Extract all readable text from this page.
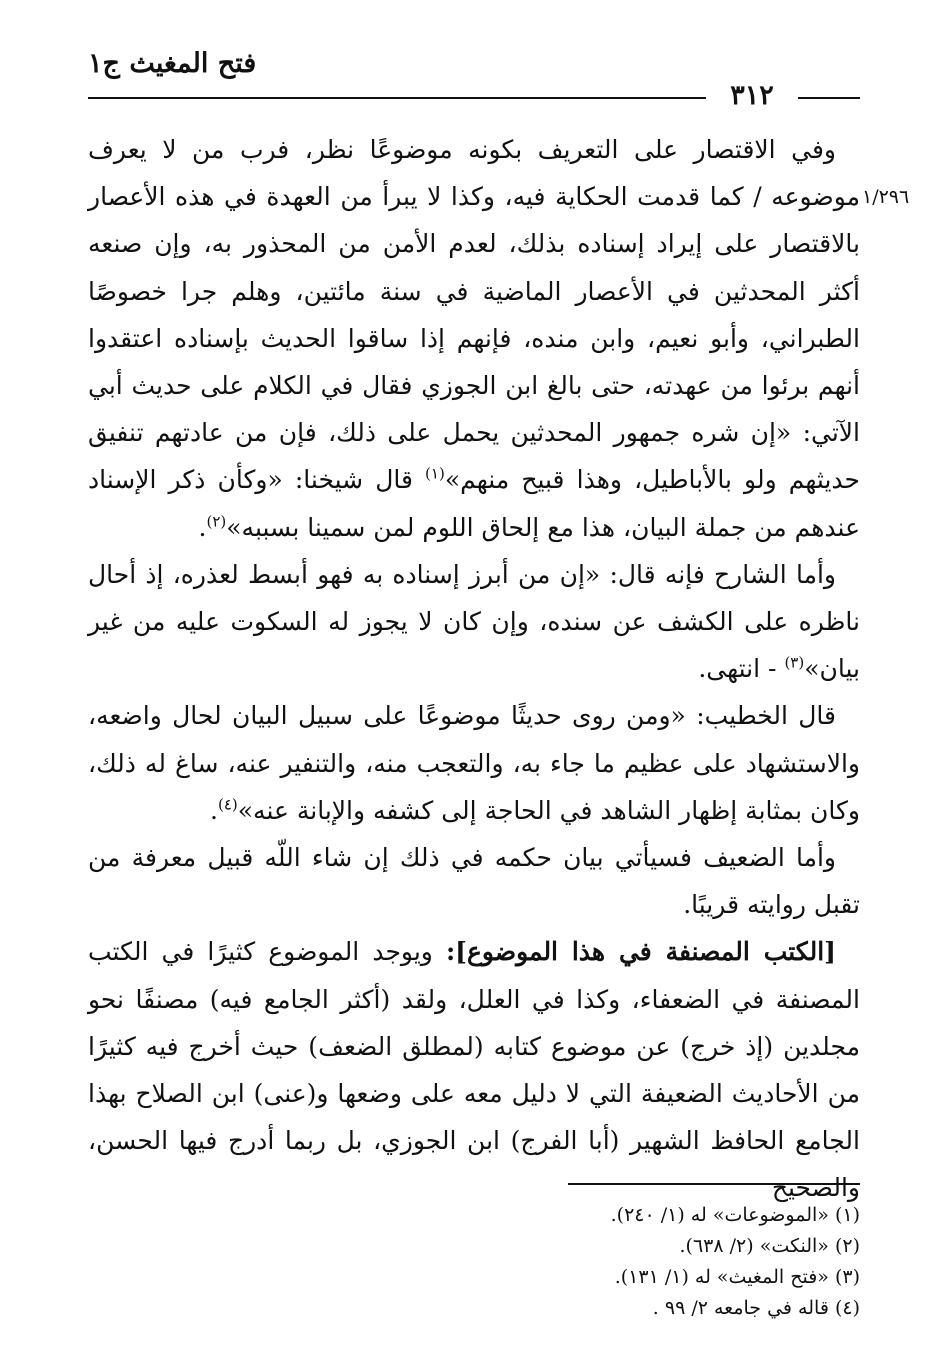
فتح المغيث ج١
٣١٢
١/٢٩٦

وفي الاقتصار على التعريف بكونه موضوعًا نظر، فرب من لا يعرف موضوعه / كما قدمت الحكاية فيه، وكذا لا يبرأ من العهدة في هذه الأعصار بالاقتصار على إيراد إسناده بذلك، لعدم الأمن من المحذور به، وإن صنعه أكثر المحدثين في الأعصار الماضية في سنة مائتين، وهلم جرا خصوصًا الطبراني، وأبو نعيم، وابن منده، فإنهم إذا ساقوا الحديث بإسناده اعتقدوا أنهم برئوا من عهدته، حتى بالغ ابن الجوزي فقال في الكلام على حديث أبي الآتي: «إن شره جمهور المحدثين يحمل على ذلك، فإن من عادتهم تنفيق حديثهم ولو بالأباطيل، وهذا قبيح منهم»$^{(١)}$ قال شيخنا: «وكأن ذكر الإسناد عندهم من جملة البيان، هذا مع إلحاق اللوم لمن سمينا بسببه»$^{(٢)}$.

وأما الشارح فإنه قال: «إن من أبرز إسناده به فهو أبسط لعذره، إذ أحال ناظره على الكشف عن سنده، وإن كان لا يجوز له السكوت عليه من غير بيان»$^{(٣)}$ - انتهى.

قال الخطيب: «ومن روى حديثًا موضوعًا على سبيل البيان لحال واضعه، والاستشهاد على عظيم ما جاء به، والتعجب منه، والتنفير عنه، ساغ له ذلك، وكان بمثابة إظهار الشاهد في الحاجة إلى كشفه والإبانة عنه»$^{(٤)}$.

وأما الضعيف فسيأتي بيان حكمه في ذلك إن شاء اللّه قبيل معرفة من تقبل روايته قريبًا.

[الكتب المصنفة في هذا الموضوع]: ويوجد الموضوع كثيرًا في الكتب المصنفة في الضعفاء، وكذا في العلل، ولقد (أكثر الجامع فيه) مصنفًا نحو مجلدين (إذ خرج) عن موضوع كتابه (لمطلق الضعف) حيث أخرج فيه كثيرًا من الأحاديث الضعيفة التي لا دليل معه على وضعها و(عنى) ابن الصلاح بهذا الجامع الحافظ الشهير (أبا الفرج) ابن الجوزي، بل ربما أدرج فيها الحسن، والصحيح

(١) «الموضوعات» له (١/ ٢٤٠).

(٢) «النكت» (٢/ ٦٣٨).

(٣) «فتح المغيث» له (١/ ١٣١).

(٤) قاله في جامعه ٢/ ٩٩ .
